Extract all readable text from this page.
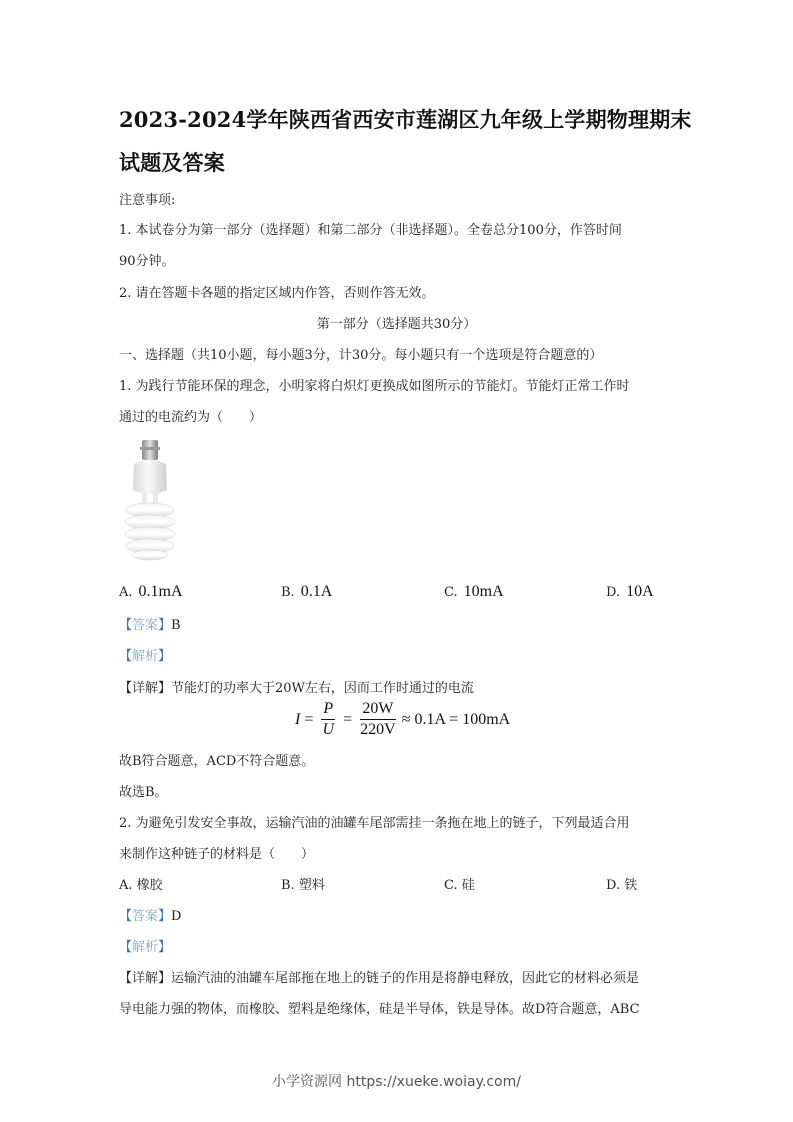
2023-2024学年陕西省西安市莲湖区九年级上学期物理期末
试题及答案
注意事项:
1. 本试卷分为第一部分（选择题）和第二部分（非选择题）。全卷总分100分，作答时间
90分钟。
2. 请在答题卡各题的指定区域内作答，否则作答无效。
第一部分（选择题共30分）
一、选择题（共10小题，每小题3分，计30分。每小题只有一个选项是符合题意的）
1. 为践行节能环保的理念，小明家将白炽灯更换成如图所示的节能灯。节能灯正常工作时
通过的电流约为（　　）
A. 0.1mA	B. 0.1A	C. 10mA	D. 10A
【答案】B
【解析】
【详解】节能灯的功率大于20W左右，因而工作时通过的电流
$I = \frac{P}{U} = \frac{20W}{220V} \approx 0.1A = 100mA$
故B符合题意，ACD不符合题意。
故选B。
2. 为避免引发安全事故，运输汽油的油罐车尾部需挂一条拖在地上的链子，下列最适合用
来制作这种链子的材料是（　　）
A. 橡胶	B. 塑料	C. 硅	D. 铁
【答案】D
【解析】
【详解】运输汽油的油罐车尾部拖在地上的链子的作用是将静电释放，因此它的材料必须是
导电能力强的物体，而橡胶、塑料是绝缘体，硅是半导体，铁是导体。故D符合题意，ABC
小学资源网 https://xueke.woiay.com/
